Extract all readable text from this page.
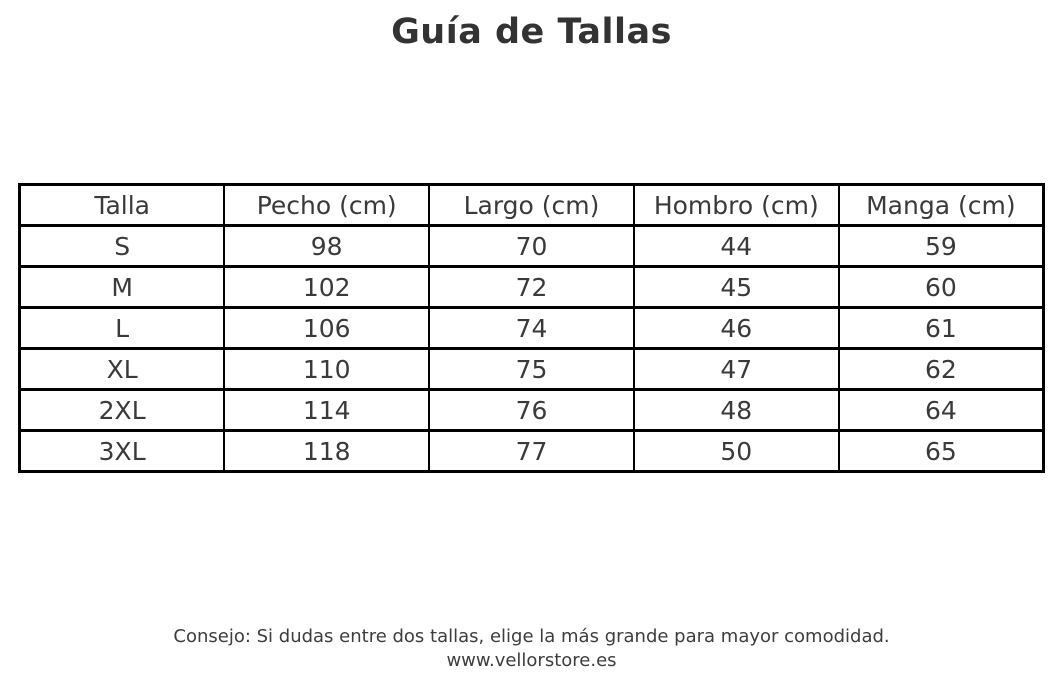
Guía de Tallas
Talla	Pecho (cm)	Largo (cm)	Hombro (cm)	Manga (cm)
S	98	70	44	59
M	102	72	45	60
L	106	74	46	61
XL	110	75	47	62
2XL	114	76	48	64
3XL	118	77	50	65
Consejo: Si dudas entre dos tallas, elige la más grande para mayor comodidad.
www.vellorstore.es
